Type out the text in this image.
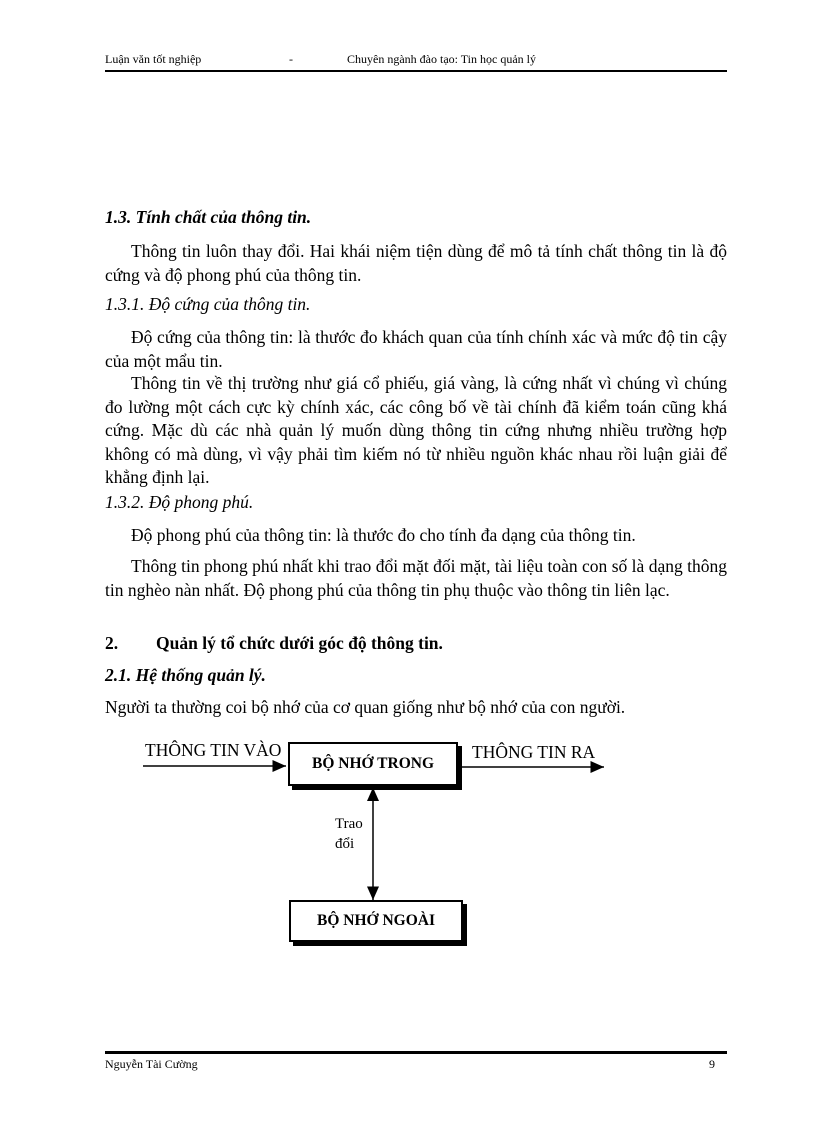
Luận văn tốt nghiệp	-	Chuyên ngành đào tạo: Tin học quản lý
1.3. Tính chất của thông tin.
Thông tin luôn thay đổi. Hai khái niệm tiện dùng để mô tả tính chất thông tin là độ cứng và độ phong phú của thông tin.
1.3.1. Độ cứng của thông tin.
Độ cứng của thông tin: là thước đo khách quan của tính chính xác và mức độ tin cậy của một mẩu tin.
Thông tin về thị trường như giá cổ phiếu, giá vàng, là cứng nhất vì chúng vì chúng đo lường một cách cực kỳ chính xác, các công bố về tài chính đã kiểm toán cũng khá cứng. Mặc dù các nhà quản lý muốn dùng thông tin cứng nhưng nhiều trường hợp không có mà dùng, vì vậy phải tìm kiếm nó từ nhiều nguồn khác nhau rồi luận giải để khẳng định lại.
1.3.2. Độ phong phú.
Độ phong phú của thông tin: là thước đo cho tính đa dạng của thông tin.
Thông tin phong phú nhất khi trao đổi mặt đối mặt, tài liệu toàn con số là dạng thông tin nghèo nàn nhất. Độ phong phú của thông tin phụ thuộc vào thông tin liên lạc.
2. Quản lý tổ chức dưới góc độ thông tin.
2.1. Hệ thống quản lý.
Người ta thường coi bộ nhớ của cơ quan giống như bộ nhớ của con người.
THÔNG TIN VÀO
BỘ NHỚ TRONG
THÔNG TIN RA
Trao
đổi
BỘ NHỚ NGOÀI
Nguyễn Tài Cường	9
